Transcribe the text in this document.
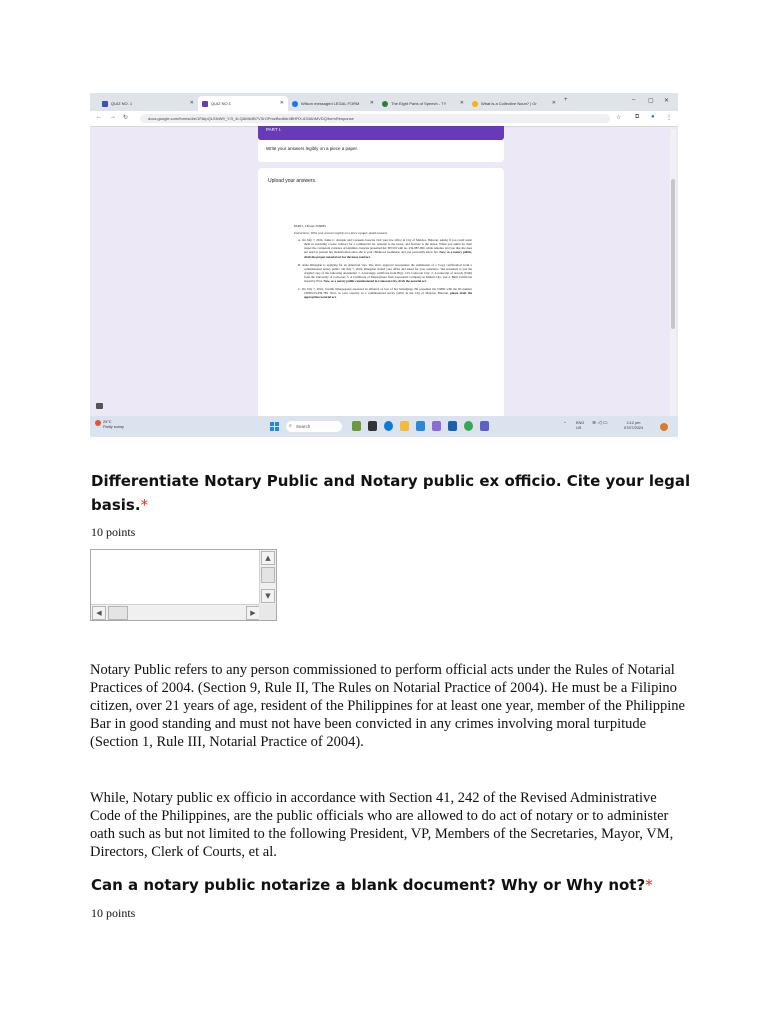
QUIZ NO. 1	✕	QUIZ NO.1	✕	Wilson messaged LEGAL FORM ✕	The Eight Parts of Speech - TY	✕	What is a Collective Noun? | Gr	✕ +	– ▢ ✕
← → ↻	docs.google.com/forms/d/e/1FAIpQLSfxW9_Y/3_4LQAMb3B7VSrOPmzBxd8dr4BHRX-633AhMVDQ/formResponse	☆ ⧉ ● ⋮
PART I.
Write your answers legibly on a piece a paper.
Upload your answers.
PART I. LEGAL FORMS
Instructions: Write your answers legibly on a piece a paper. Avoid erasures.
A. On July 7, 2024, Jaime C. Antonio and Consuelo Isaacste visit your law office in City of Malolos, Bulacan, asking if you could assist them in executing a lease contract for a commercial lot. Antonio is the lessor, and Isaacste is the lessee. When you asked for their respective competent evidence of identities, Isaacste presented her TIN ID with no. 234-987-990, while Antonio told you that she does not need to present her identification since she is your childhood roommate, and you personally know her. Now, as a notary public, draft the proper notarial act for the lease contract.
B. Anna Dinagdan is applying for an American visa. The visa's approval necessitates the submission of a 'Copy certification' from a commissioned notary public. On July 7, 2024, Dinagdan visited your office and asked for your assistance. She presented to you the original copy of the following documents: 1. A barangay certificate from Brgy. 123, Caloocan City; 2. A transcript of records (TOR) from the University of Caloocan; 3. A Certificate of Employment from Concentrix Company in Makati City; and 4. Birth Certificate issued by PSA. Now, as a notary public commissioned in Caloocan City, draft the notarial act.
C. On July 7, 2024, Jowilin Omagaapuan executed an affidavit of loss of her belongings. He presented his UMID with the ID number CRN0123-456-789. Now, as your capacity as a commissioned notary public in the City of Malolos, Bulacan, please draft the appropriate notarial act.
29°C
Partly sunny	⌕ Search
^	ENG
US
≋ ◁ ▭	2:12 pm
07/07/2024
Differentiate Notary Public and Notary public ex officio. Cite your legal basis.*
10 points
▲
▼
◀	▶

Notary Public refers to any person commissioned to perform official acts under the Rules of Notarial Practices of 2004. (Section 9, Rule II, The Rules on Notarial Practice of 2004). He must be a Filipino citizen, over 21 years of age, resident of the Philippines for at least one year, member of the Philippine Bar in good standing and must not have been convicted in any crimes involving moral turpitude (Section 1, Rule III, Notarial Practice of 2004).

While, Notary public ex officio in accordance with Section 41, 242 of the Revised Administrative Code of the Philippines, are the public officials who are allowed to do act of notary or to administer oath such as but not limited to the following President, VP, Members of the Secretaries, Mayor, VM, Directors, Clerk of Courts, et al.

Can a notary public notarize a blank document? Why or Why not?*
10 points
